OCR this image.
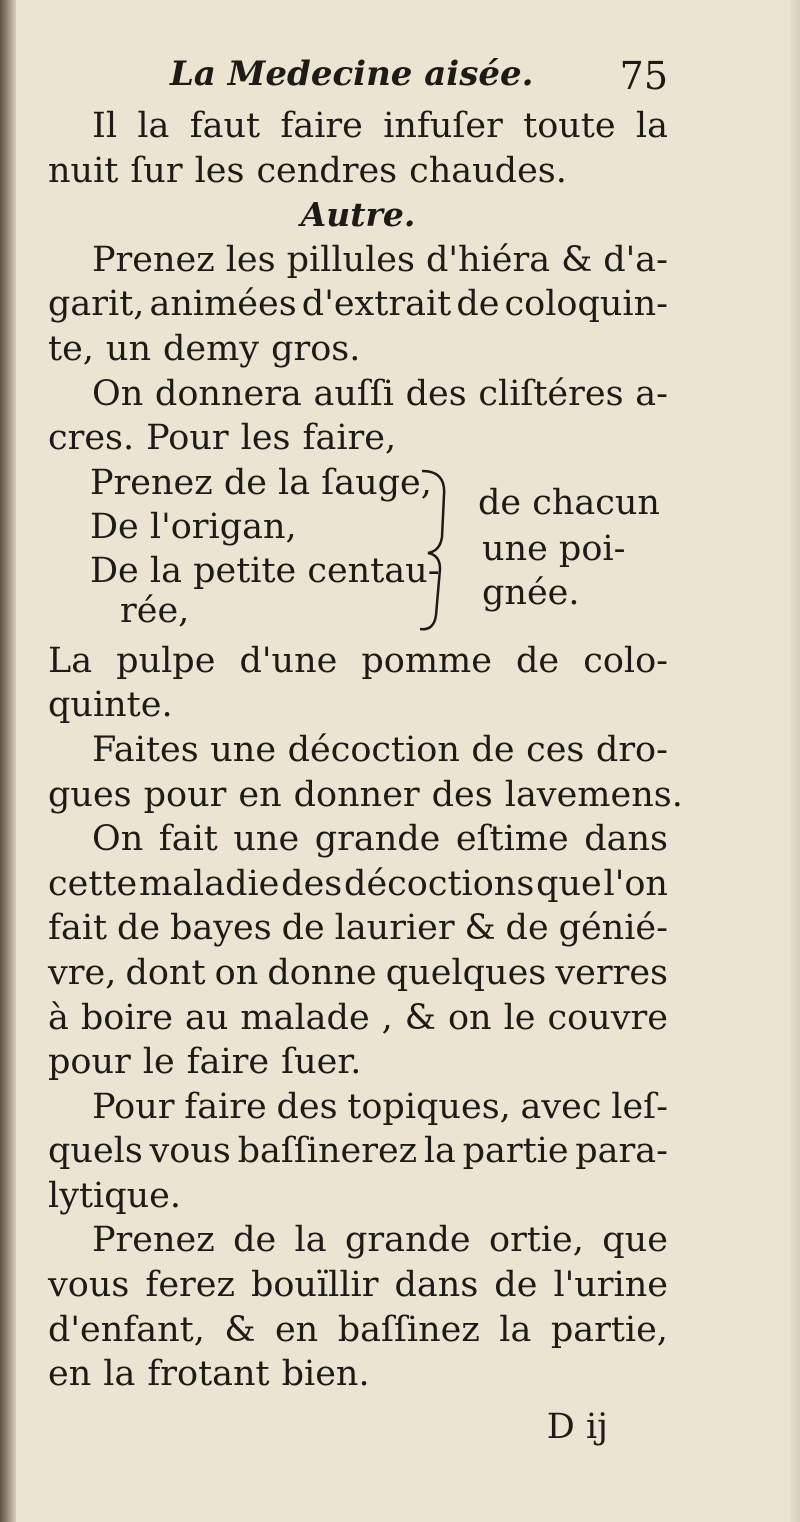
La Medecine aisée. 75
Il la faut faire infuſer toute la
nuit ſur les cendres chaudes.
Autre.
Prenez les pillules d'hiéra & d'a-
garit, animées d'extrait de coloquin-
te, un demy gros.
On donnera auſſi des cliſtéres a-
cres. Pour les faire,
Prenez de la ſauge,
De l'origan,
De la petite centau-
rée,
de chacun
une poi-
gnée.
La pulpe d'une pomme de colo-
quinte.
Faites une décoction de ces dro-
gues pour en donner des lavemens.
On fait une grande eſtime dans
cette maladie des décoctions que l'on
fait de bayes de laurier & de génié-
vre, dont on donne quelques verres
à boire au malade , & on le couvre
pour le faire ſuer.
Pour faire des topiques, avec leſ-
quels vous baſſinerez la partie para-
lytique.
Prenez de la grande ortie, que
vous ferez bouïllir dans de l'urine
d'enfant, & en baſſinez la partie,
en la frotant bien.
D ij
